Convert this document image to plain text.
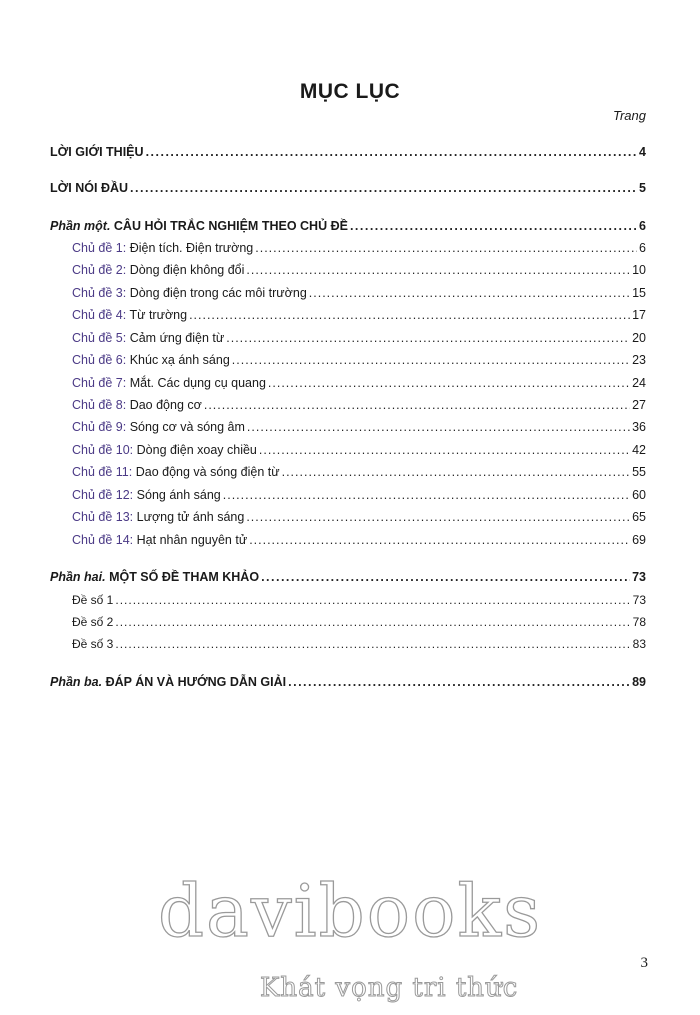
MỤC LỤC
Trang
LỜI GIỚI THIỆU .....	4
LỜI NÓI ĐẦU .....	5
Phần một. CÂU HỎI TRẮC NGHIỆM THEO CHỦ ĐỀ .....	6
Chủ đề 1: Điện tích. Điện trường .....	6
Chủ đề 2: Dòng điện không đổi .....	10
Chủ đề 3: Dòng điện trong các môi trường .....	15
Chủ đề 4: Từ trường .....	17
Chủ đề 5: Cảm ứng điện từ .....	20
Chủ đề 6: Khúc xạ ánh sáng .....	23
Chủ đề 7: Mắt. Các dụng cụ quang .....	24
Chủ đề 8: Dao động cơ .....	27
Chủ đề 9: Sóng cơ và sóng âm .....	36
Chủ đề 10: Dòng điện xoay chiều .....	42
Chủ đề 11: Dao động và sóng điện từ .....	55
Chủ đề 12: Sóng ánh sáng .....	60
Chủ đề 13: Lượng tử ánh sáng .....	65
Chủ đề 14: Hạt nhân nguyên tử .....	69
Phần hai. MỘT SỐ ĐỀ THAM KHẢO .....	73
Đề số 1 .....	73
Đề số 2 .....	78
Đề số 3 .....	83
Phần ba. ĐÁP ÁN VÀ HƯỚNG DẪN GIẢI .....	89
davibooks
3
Khát vọng tri thức
